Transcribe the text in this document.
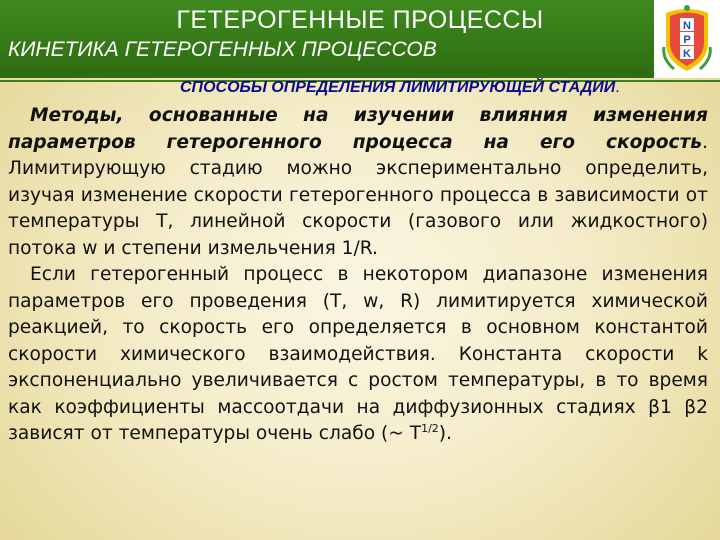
ГЕТЕРОГЕННЫЕ ПРОЦЕССЫ
КИНЕТИКА ГЕТЕРОГЕННЫХ ПРОЦЕССОВ
N
P
K
СПОСОБЫ ОПРЕДЕЛЕНИЯ ЛИМИТИРУЮЩЕЙ СТАДИИ.

Методы, основанные на изучении влияния изменения параметров гетерогенного процесса на его скорость. Лимитирующую стадию можно экспериментально определить, изучая изменение скорости гетерогенного процесса в зависимости от температуры Т, линейной скорости (газового или жидкостного) потока w и степени измельчения 1/R.

Если гетерогенный процесс в некотором диапазоне изменения параметров его проведения (Т, w, R) лимитируется химической реакцией, то скорость его определяется в основном константой скорости химического взаимодействия. Константа скорости k экспоненциально увеличивается с ростом температуры, в то время как коэффициенты массоотдачи на диффузионных стадиях β1 β2 зависят от температуры очень слабо (~ $Т^{1/2}$).
